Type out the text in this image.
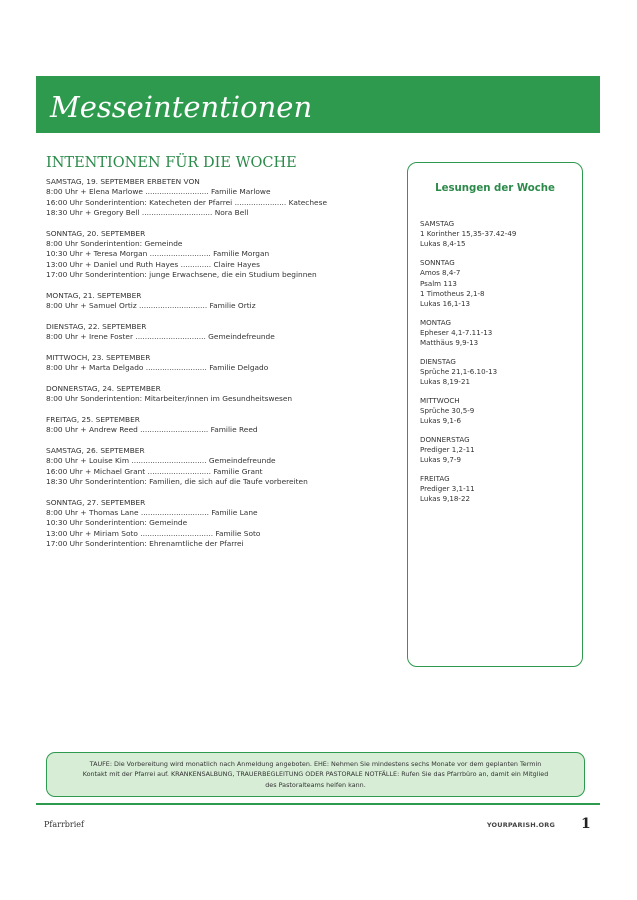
Messeintentionen
INTENTIONEN FÜR DIE WOCHE
SAMSTAG, 19. SEPTEMBER ERBETEN VON
8:00 Uhr + Elena Marlowe ........................... Familie Marlowe
16:00 Uhr Sonderintention: Katecheten der Pfarrei ...................... Katechese
18:30 Uhr + Gregory Bell .............................. Nora Bell
SONNTAG, 20. SEPTEMBER
8:00 Uhr Sonderintention: Gemeinde
10:30 Uhr + Teresa Morgan .......................... Familie Morgan
13:00 Uhr + Daniel und Ruth Hayes ............. Claire Hayes
17:00 Uhr Sonderintention: junge Erwachsene, die ein Studium beginnen
MONTAG, 21. SEPTEMBER
8:00 Uhr + Samuel Ortiz ............................. Familie Ortiz
DIENSTAG, 22. SEPTEMBER
8:00 Uhr + Irene Foster .............................. Gemeindefreunde
MITTWOCH, 23. SEPTEMBER
8:00 Uhr + Marta Delgado .......................... Familie Delgado
DONNERSTAG, 24. SEPTEMBER
8:00 Uhr Sonderintention: Mitarbeiter/innen im Gesundheitswesen
FREITAG, 25. SEPTEMBER
8:00 Uhr + Andrew Reed ............................. Familie Reed
SAMSTAG, 26. SEPTEMBER
8:00 Uhr + Louise Kim ................................ Gemeindefreunde
16:00 Uhr + Michael Grant ........................... Familie Grant
18:30 Uhr Sonderintention: Familien, die sich auf die Taufe vorbereiten
SONNTAG, 27. SEPTEMBER
8:00 Uhr + Thomas Lane ............................. Familie Lane
10:30 Uhr Sonderintention: Gemeinde
13:00 Uhr + Miriam Soto ............................... Familie Soto
17:00 Uhr Sonderintention: Ehrenamtliche der Pfarrei
Lesungen der Woche
SAMSTAG
1 Korinther 15,35-37.42-49
Lukas 8,4-15
SONNTAG
Amos 8,4-7
Psalm 113
1 Timotheus 2,1-8
Lukas 16,1-13
MONTAG
Epheser 4,1-7.11-13
Matthäus 9,9-13
DIENSTAG
Sprüche 21,1-6.10-13
Lukas 8,19-21
MITTWOCH
Sprüche 30,5-9
Lukas 9,1-6
DONNERSTAG
Prediger 1,2-11
Lukas 9,7-9
FREITAG
Prediger 3,1-11
Lukas 9,18-22

TAUFE: Die Vorbereitung wird monatlich nach Anmeldung angeboten. EHE: Nehmen Sie mindestens sechs Monate vor dem geplanten Termin Kontakt mit der Pfarrei auf. KRANKENSALBUNG, TRAUERBEGLEITUNG ODER PASTORALE NOTFÄLLE: Rufen Sie das Pfarrbüro an, damit ein Mitglied des Pastoralteams helfen kann.

Pfarrbrief	YOURPARISH.ORG 1
